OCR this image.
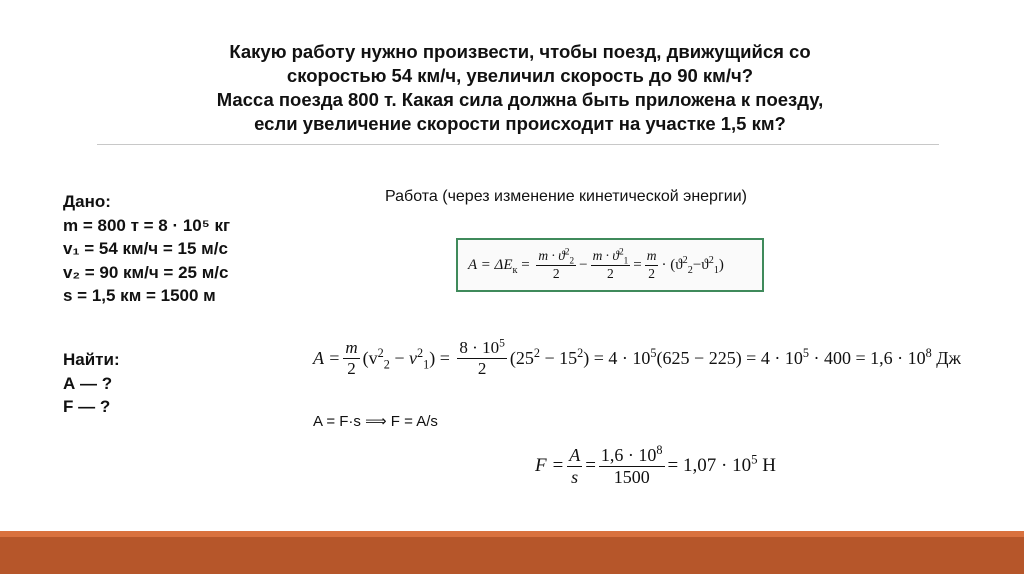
Какую работу нужно произвести, чтобы поезд, движущийся со
скоростью 54 км/ч, увеличил скорость до 90 км/ч?
Масса поезда 800 т. Какая сила должна быть приложена к поезду,
если увеличение скорости происходит на участке 1,5 км?
Дано:
m = 800 т = 8 · 10⁵ кг
v₁ = 54 км/ч = 15 м/с
v₂ = 90 км/ч = 25 м/с
s = 1,5 км = 1500 м
Найти:
А — ?
F — ?
Работа (через изменение кинетической энергии)
$A = \Delta E_к = \frac{m \cdot ϑ^2_2}{2} - \frac{m \cdot ϑ^2_1}{2} = \frac{m}{2} \cdot (ϑ^2_2-ϑ^2_1)$
$A = \frac{m}{2} (v^2_2 - v^2_1) = \frac{8 \cdot 10^5}{2} (25^2 - 15^2) = 4 \cdot 10^5(625 - 225) = 4 \cdot 10^5 \cdot 400 = 1,6 \cdot 10^8$ Дж
A = F·s ⟹ F = A/s
$F = \frac{A}{s} = \frac{1,6 \cdot 10^8}{1500} = 1,07 \cdot 10^5$ Н
